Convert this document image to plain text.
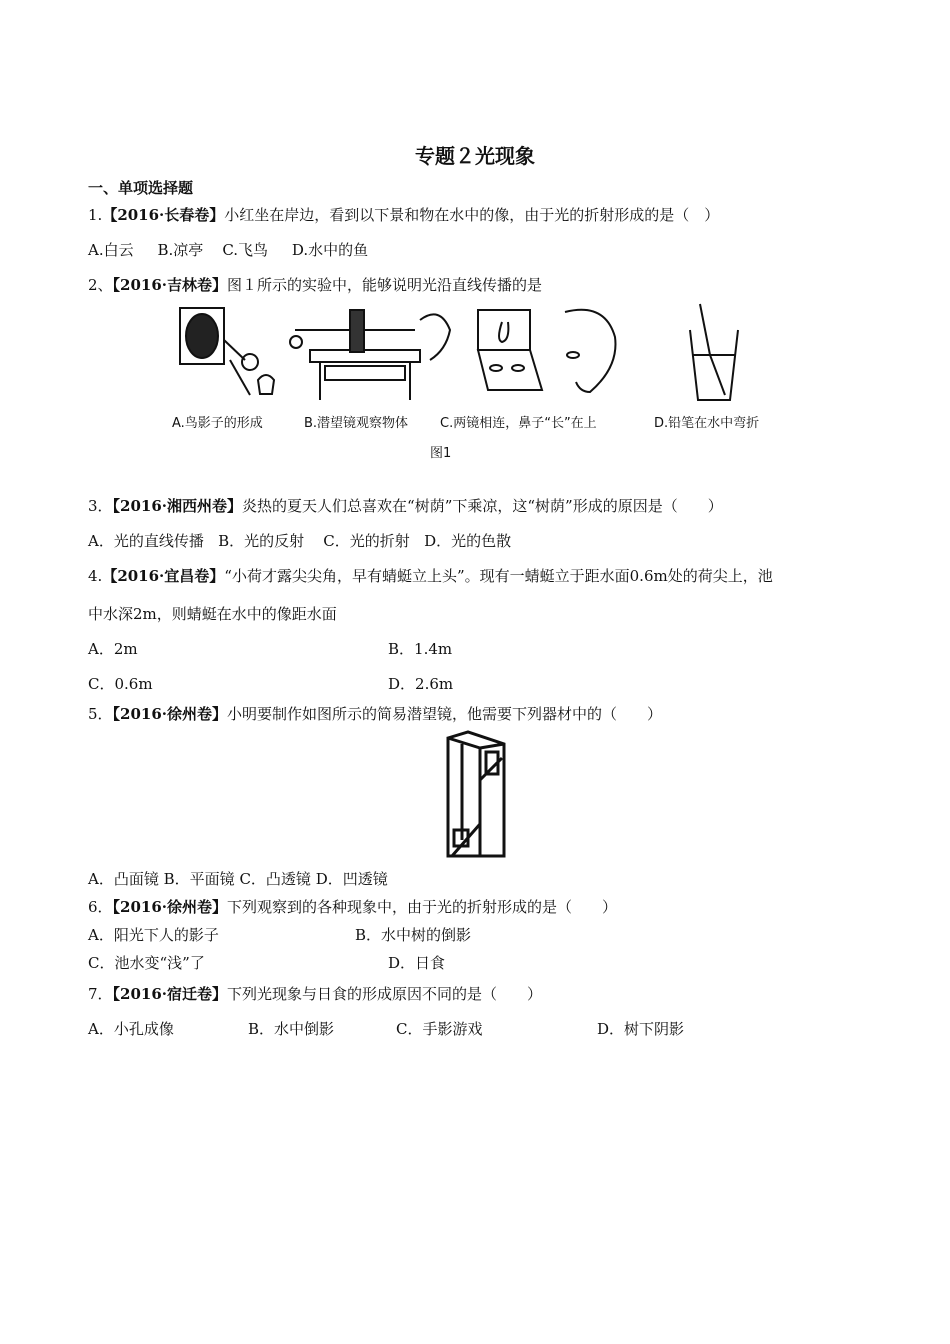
专题２光现象
一、单项选择题
1.【2016·长春卷】小红坐在岸边，看到以下景和物在水中的像，由于光的折射形成的是（　）
A.白云 B.凉亭 C.飞鸟 D.水中的鱼
2、【2016·吉林卷】图１所示的实验中，能够说明光沿直线传播的是
A.鸟影子的形成	B.潜望镜观察物体 C.两镜相连，鼻子“长”在上	D.铅笔在水中弯折
图1
3．【2016·湘西州卷】炎热的夏天人们总喜欢在“树荫”下乘凉，这“树荫”形成的原因是（　　）
A．光的直线传播 B．光的反射 C．光的折射 D．光的色散
4.【2016·宜昌卷】“小荷才露尖尖角，早有蜻蜓立上头”。现有一蜻蜓立于距水面0.6m处的荷尖上，池
中水深2m，则蜻蜓在水中的像距水面
A．2m	B．1.4m
C．0.6m	D．2.6m
5．【2016·徐州卷】小明要制作如图所示的简易潜望镜，他需要下列器材中的（　　）
A．凸面镜 B．平面镜 C．凸透镜 D．凹透镜
6．【2016·徐州卷】下列观察到的各种现象中，由于光的折射形成的是（　　）
A．阳光下人的影子	B．水中树的倒影
C．池水变“浅”了	D．日食
7．【2016·宿迁卷】下列光现象与日食的形成原因不同的是（　　）
A．小孔成像	B．水中倒影	C．手影游戏	D．树下阴影
